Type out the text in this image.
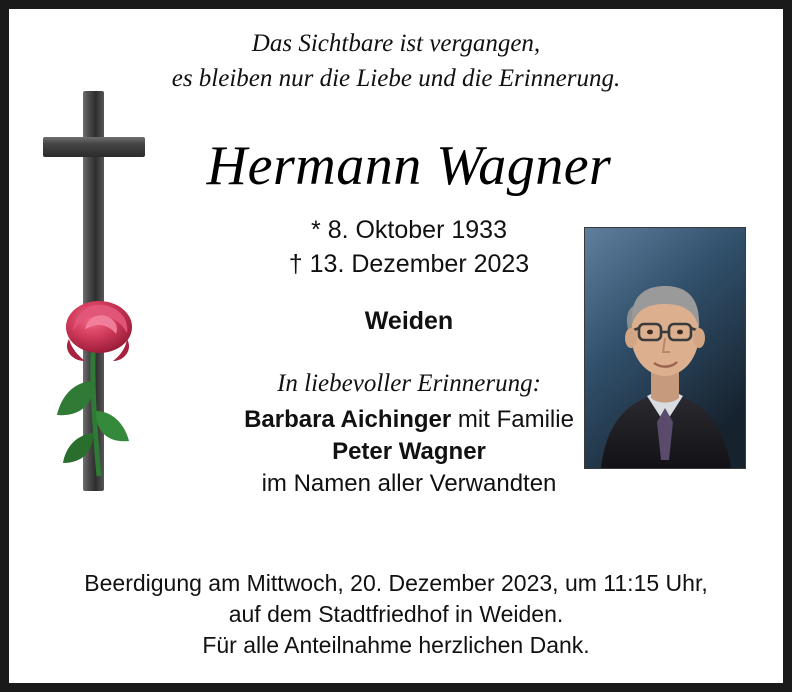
Das Sichtbare ist vergangen,
es bleiben nur die Liebe und die Erinnerung.
Hermann Wagner
* 8. Oktober 1933
† 13. Dezember 2023
Weiden
In liebevoller Erinnerung:
Barbara Aichinger mit Familie
Peter Wagner
im Namen aller Verwandten
Beerdigung am Mittwoch, 20. Dezember 2023, um 11:15 Uhr,
auf dem Stadtfriedhof in Weiden.
Für alle Anteilnahme herzlichen Dank.
